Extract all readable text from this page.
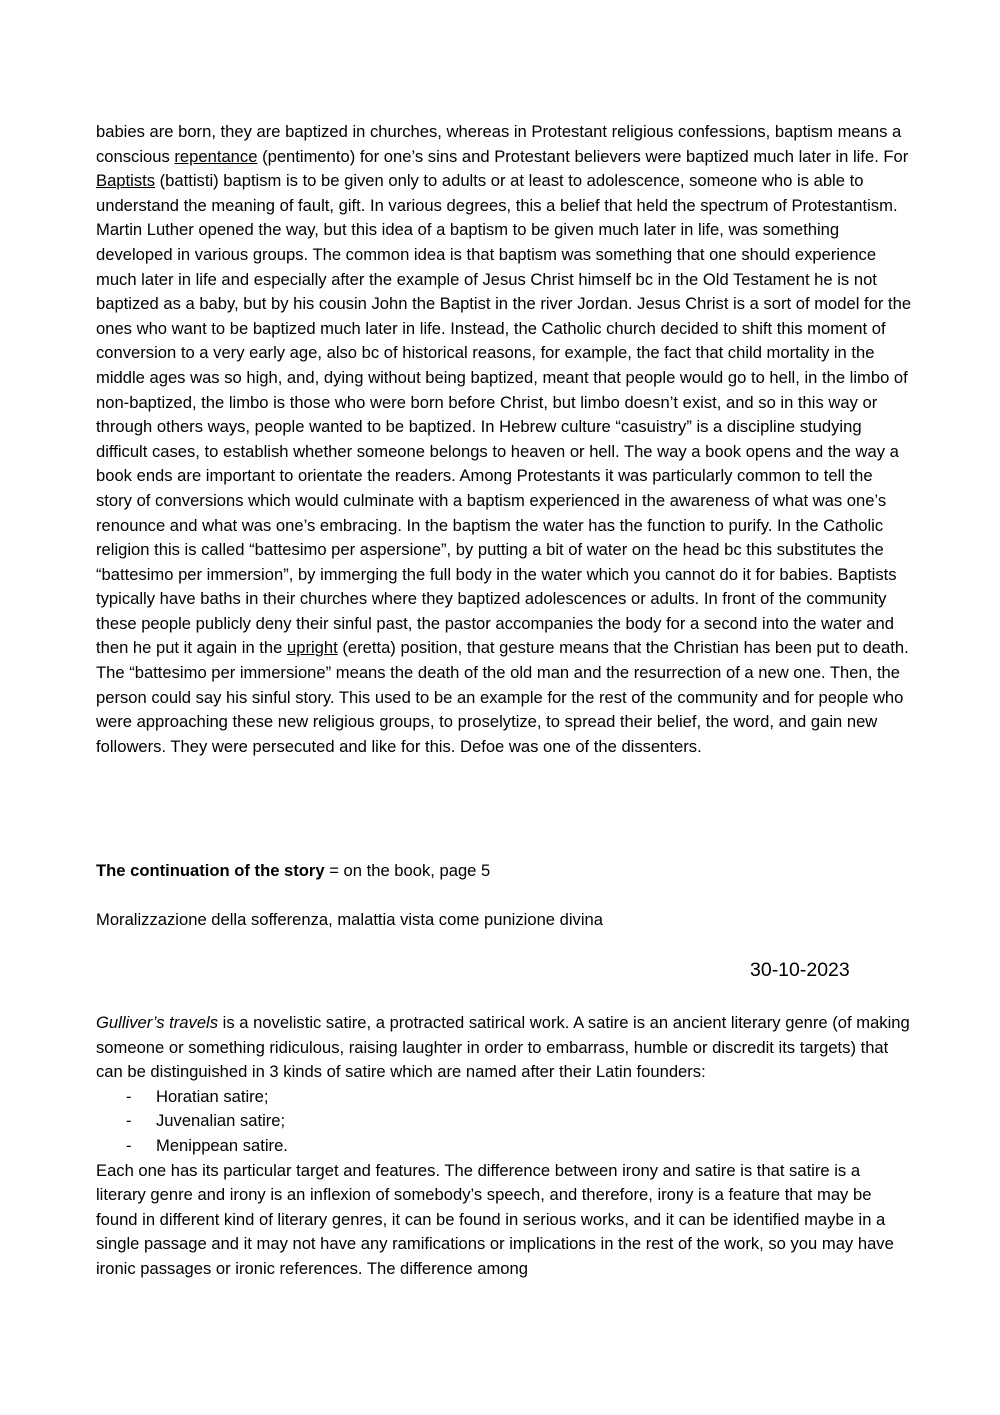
babies are born, they are baptized in churches, whereas in Protestant religious confessions, baptism means a conscious repentance (pentimento) for one’s sins and Protestant believers were baptized much later in life. For Baptists (battisti) baptism is to be given only to adults or at least to adolescence, someone who is able to understand the meaning of fault, gift. In various degrees, this a belief that held the spectrum of Protestantism. Martin Luther opened the way, but this idea of a baptism to be given much later in life, was something developed in various groups. The common idea is that baptism was something that one should experience much later in life and especially after the example of Jesus Christ himself bc in the Old Testament he is not baptized as a baby, but by his cousin John the Baptist in the river Jordan. Jesus Christ is a sort of model for the ones who want to be baptized much later in life. Instead, the Catholic church decided to shift this moment of conversion to a very early age, also bc of historical reasons, for example, the fact that child mortality in the middle ages was so high, and, dying without being baptized, meant that people would go to hell, in the limbo of non-baptized, the limbo is those who were born before Christ, but limbo doesn’t exist, and so in this way or through others ways, people wanted to be baptized. In Hebrew culture “casuistry” is a discipline studying difficult cases, to establish whether someone belongs to heaven or hell. The way a book opens and the way a book ends are important to orientate the readers. Among Protestants it was particularly common to tell the story of conversions which would culminate with a baptism experienced in the awareness of what was one’s renounce and what was one’s embracing. In the baptism the water has the function to purify. In the Catholic religion this is called “battesimo per aspersione”, by putting a bit of water on the head bc this substitutes the “battesimo per immersion”, by immerging the full body in the water which you cannot do it for babies. Baptists typically have baths in their churches where they baptized adolescences or adults. In front of the community these people publicly deny their sinful past, the pastor accompanies the body for a second into the water and then he put it again in the upright (eretta) position, that gesture means that the Christian has been put to death. The “battesimo per immersione” means the death of the old man and the resurrection of a new one. Then, the person could say his sinful story. This used to be an example for the rest of the community and for people who were approaching these new religious groups, to proselytize, to spread their belief, the word, and gain new followers. They were persecuted and like for this. Defoe was one of the dissenters.

The continuation of the story = on the book, page 5

Moralizzazione della sofferenza, malattia vista come punizione divina

30-10-2023

Gulliver’s travels is a novelistic satire, a protracted satirical work. A satire is an ancient literary genre (of making someone or something ridiculous, raising laughter in order to embarrass, humble or discredit its targets) that can be distinguished in 3 kinds of satire which are named after their Latin founders:

- Horatian satire;
- Juvenalian satire;
- Menippean satire.

Each one has its particular target and features. The difference between irony and satire is that satire is a literary genre and irony is an inflexion of somebody’s speech, and therefore, irony is a feature that may be found in different kind of literary genres, it can be found in serious works, and it can be identified maybe in a single passage and it may not have any ramifications or implications in the rest of the work, so you may have ironic passages or ironic references. The difference among
